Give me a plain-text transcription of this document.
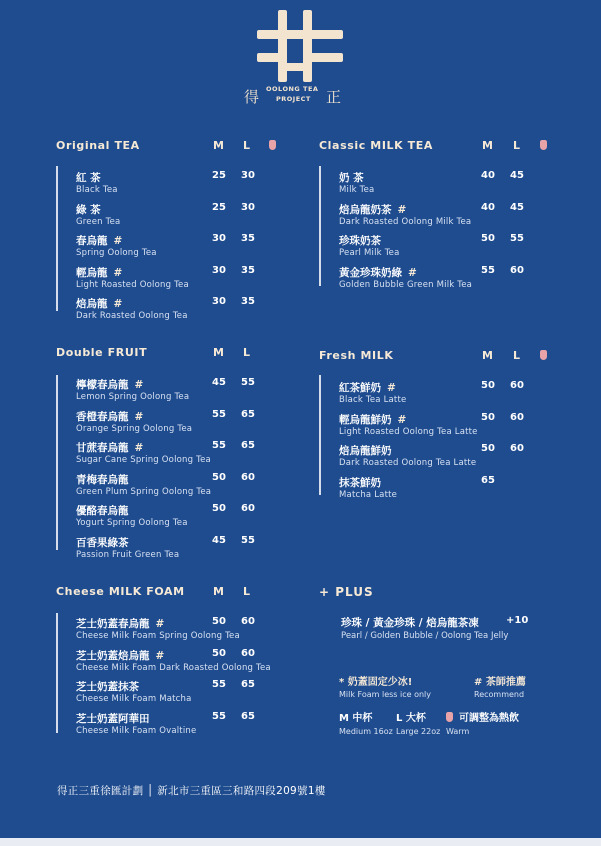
得 OOLONG TEA
PROJECT 正
Original TEA	M L
紅 茶
Black Tea
25 30
綠 茶
Green Tea
25 30
春烏龍 #
Spring Oolong Tea
30 35
輕烏龍 #
Light Roasted Oolong Tea
30 35
焙烏龍 #
Dark Roasted Oolong Tea
30 35
Classic MILK TEA	M L
奶 茶
Milk Tea
40 45
焙烏龍奶茶 #
Dark Roasted Oolong Milk Tea
40 45
珍珠奶茶
Pearl Milk Tea
50 55
黃金珍珠奶綠 #
Golden Bubble Green Milk Tea
55 60
Double FRUIT	M L
檸檬春烏龍 #
Lemon Spring Oolong Tea
45 55
香橙春烏龍 #
Orange Spring Oolong Tea
55 65
甘蔗春烏龍 #
Sugar Cane Spring Oolong Tea
55 65
青梅春烏龍
Green Plum Spring Oolong Tea
50 60
優酪春烏龍
Yogurt Spring Oolong Tea
50 60
百香果綠茶
Passion Fruit Green Tea
45 55
Fresh MILK	M L
紅茶鮮奶 #
Black Tea Latte
50 60
輕烏龍鮮奶 #
Light Roasted Oolong Tea Latte
50 60
焙烏龍鮮奶
Dark Roasted Oolong Tea Latte
50 60
抹茶鮮奶
Matcha Latte
65
Cheese MILK FOAM	M L
芝士奶蓋春烏龍 #
Cheese Milk Foam Spring Oolong Tea
50 60
芝士奶蓋焙烏龍 #
Cheese Milk Foam Dark Roasted Oolong Tea
50 60
芝士奶蓋抹茶
Cheese Milk Foam Matcha
55 65
芝士奶蓋阿華田
Cheese Milk Foam Ovaltine
55 65
+ PLUS
珍珠 / 黃金珍珠 / 焙烏龍茶凍
Pearl / Golden Bubble / Oolong Tea Jelly
+10
* 奶蓋固定少冰!
Milk Foam less ice only
# 茶師推薦
Recommend
M 中杯
Medium 16oz
L 大杯
Large 22oz
可調整為熱飲
Warm
得正三重徐匯計劃 │ 新北市三重區三和路四段209號1樓
